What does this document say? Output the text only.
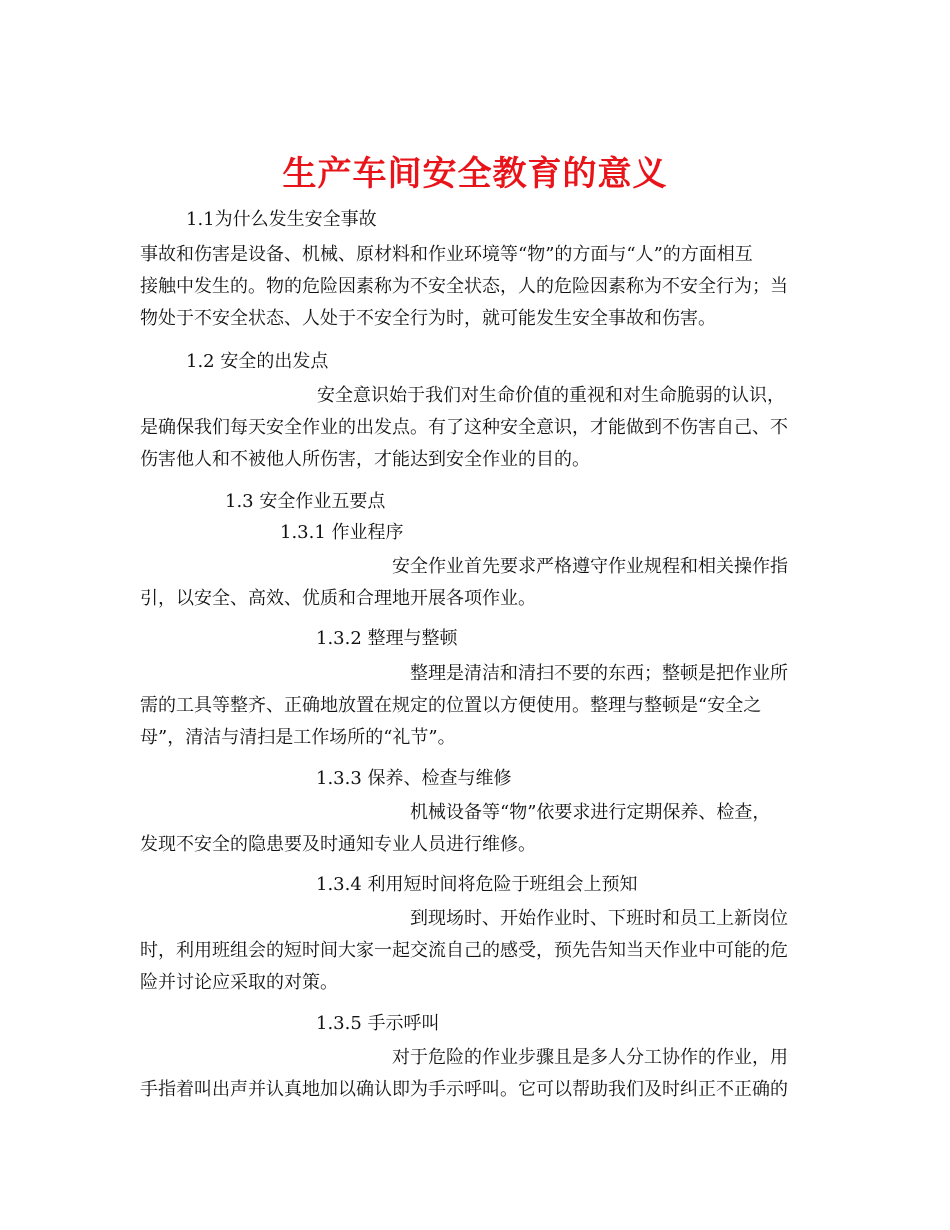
生产车间安全教育的意义
1.1为什么发生安全事故

事故和伤害是设备、机械、原材料和作业环境等“物”的方面与“人”的方面相互
接触中发生的。物的危险因素称为不安全状态，人的危险因素称为不安全行为；当
物处于不安全状态、人处于不安全行为时，就可能发生安全事故和伤害。

1.2 安全的出发点

安全意识始于我们对生命价值的重视和对生命脆弱的认识，
是确保我们每天安全作业的出发点。有了这种安全意识，才能做到不伤害自己、不
伤害他人和不被他人所伤害，才能达到安全作业的目的。

1.3 安全作业五要点
1.3.1 作业程序

安全作业首先要求严格遵守作业规程和相关操作指
引，以安全、高效、优质和合理地开展各项作业。

1.3.2 整理与整顿

整理是清洁和清扫不要的东西；整顿是把作业所
需的工具等整齐、正确地放置在规定的位置以方便使用。整理与整顿是“安全之
母”，清洁与清扫是工作场所的“礼节”。

1.3.3 保养、检查与维修

机械设备等“物”依要求进行定期保养、检查，
发现不安全的隐患要及时通知专业人员进行维修。

1.3.4 利用短时间将危险于班组会上预知

到现场时、开始作业时、下班时和员工上新岗位
时，利用班组会的短时间大家一起交流自己的感受，预先告知当天作业中可能的危
险并讨论应采取的对策。

1.3.5 手示呼叫

对于危险的作业步骤且是多人分工协作的作业，用
手指着叫出声并认真地加以确认即为手示呼叫。它可以帮助我们及时纠正不正确的
